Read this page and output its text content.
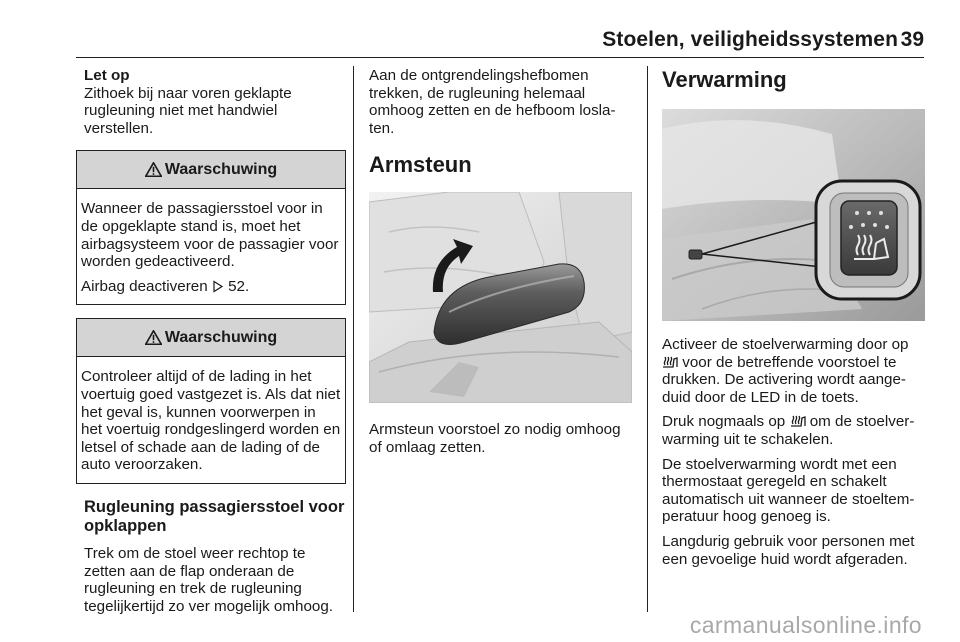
Stoelen, veiligheidssystemen 39

Let op

Zithoek bij naar voren geklapte rugleuning niet met handwiel verstellen.

Waarschuwing

Wanneer de passagiersstoel voor in de opgeklapte stand is, moet het airbagsysteem voor de passagier voor worden gedeactiveerd.

Airbag deactiveren 52.

Waarschuwing

Controleer altijd of de lading in het voertuig goed vastgezet is. Als dat niet het geval is, kunnen voorwerpen in het voertuig rondgeslingerd worden en letsel of schade aan de lading of de auto veroorzaken.

Rugleuning passagiersstoel voor opklappen

Trek om de stoel weer rechtop te zetten aan de flap onderaan de rugleuning en trek de rugleuning tegelijkertijd zo ver mogelijk omhoog.

Aan de ontgrendelingshefbomen trekken, de rugleuning helemaal omhoog zetten en de hefboom loslaten.

Armsteun

Armsteun voorstoel zo nodig omhoog of omlaag zetten.

Verwarming

Activeer de stoelverwarming door op  voor de betreffende voorstoel te drukken. De activering wordt aangeduid door de LED in de toets.

Druk nogmaals op om de stoelverwarming uit te schakelen.

De stoelverwarming wordt met een thermostaat geregeld en schakelt automatisch uit wanneer de stoeltemperatuur hoog genoeg is.

Langdurig gebruik voor personen met een gevoelige huid wordt afgeraden.

carmanualsonline.info
